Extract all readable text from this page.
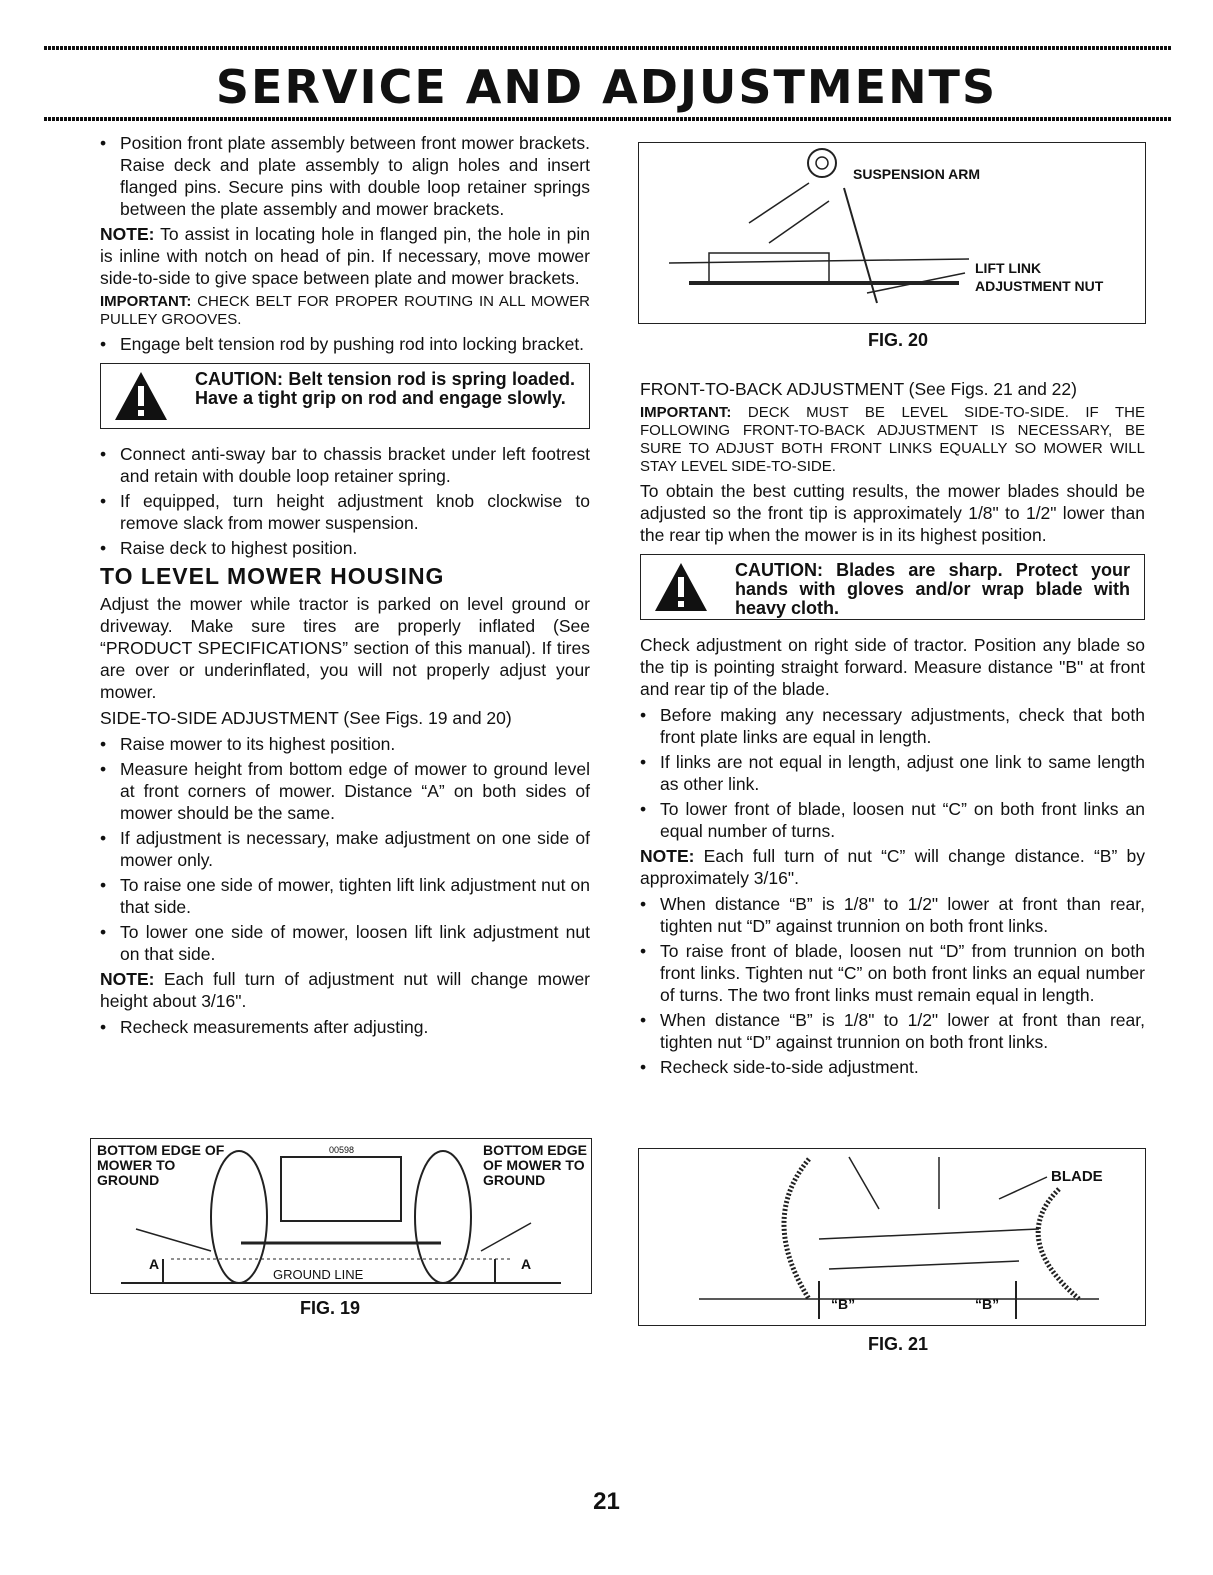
SERVICE AND ADJUSTMENTS
• Position front plate assembly between front mower brackets. Raise deck and plate assembly to align holes and insert flanged pins. Secure pins with double loop retainer springs between the plate assembly and mower brackets.

NOTE: To assist in locating hole in flanged pin, the hole in pin is inline with notch on head of pin. If necessary, move mower side-to-side to give space between plate and mower brackets.

IMPORTANT: CHECK BELT FOR PROPER ROUTING IN ALL MOWER PULLEY GROOVES.

• Engage belt tension rod by pushing rod into locking bracket.
CAUTION: Belt tension rod is spring loaded. Have a tight grip on rod and engage slowly.
• Connect anti-sway bar to chassis bracket under left footrest and retain with double loop retainer spring.
• If equipped, turn height adjustment knob clockwise to remove slack from mower suspension.
• Raise deck to highest position.
TO LEVEL MOWER HOUSING

Adjust the mower while tractor is parked on level ground or driveway. Make sure tires are properly inflated (See “PRODUCT SPECIFICATIONS” section of this manual). If tires are over or underinflated, you will not properly adjust your mower.

SIDE-TO-SIDE ADJUSTMENT (See Figs. 19 and 20)

• Raise mower to its highest position.
• Measure height from bottom edge of mower to ground level at front corners of mower. Distance “A” on both sides of mower should be the same.
• If adjustment is necessary, make adjustment on one side of mower only.
• To raise one side of mower, tighten lift link adjustment nut on that side.
• To lower one side of mower, loosen lift link adjustment nut on that side.

NOTE: Each full turn of adjustment nut will change mower height about 3/16".

• Recheck measurements after adjusting.
BOTTOM EDGE OF MOWER TO GROUND
BOTTOM EDGE OF MOWER TO GROUND
00598
GROUND LINE
A	A
FIG. 19
SUSPENSION ARM
LIFT LINK
ADJUSTMENT NUT
FIG. 20

FRONT-TO-BACK ADJUSTMENT (See Figs. 21 and 22)

IMPORTANT: DECK MUST BE LEVEL SIDE-TO-SIDE. IF THE FOLLOWING FRONT-TO-BACK ADJUSTMENT IS NECESSARY, BE SURE TO ADJUST BOTH FRONT LINKS EQUALLY SO MOWER WILL STAY LEVEL SIDE-TO-SIDE.

To obtain the best cutting results, the mower blades should be adjusted so the front tip is approximately 1/8" to 1/2" lower than the rear tip when the mower is in its highest position.

CAUTION: Blades are sharp. Protect your hands with gloves and/or wrap blade with heavy cloth.

Check adjustment on right side of tractor. Position any blade so the tip is pointing straight forward. Measure distance "B" at front and rear tip of the blade.

• Before making any necessary adjustments, check that both front plate links are equal in length.
• If links are not equal in length, adjust one link to same length as other link.
• To lower front of blade, loosen nut “C” on both front links an equal number of turns.

NOTE: Each full turn of nut “C” will change distance. “B” by approximately 3/16".

• When distance “B” is 1/8" to 1/2" lower at front than rear, tighten nut “D” against trunnion on both front links.
• To raise front of blade, loosen nut “D” from trunnion on both front links. Tighten nut “C” on both front links an equal number of turns. The two front links must remain equal in length.
• When distance “B” is 1/8" to 1/2" lower at front than rear, tighten nut “D” against trunnion on both front links.
• Recheck side-to-side adjustment.
BLADE
“B”	“B”
FIG. 21
21
